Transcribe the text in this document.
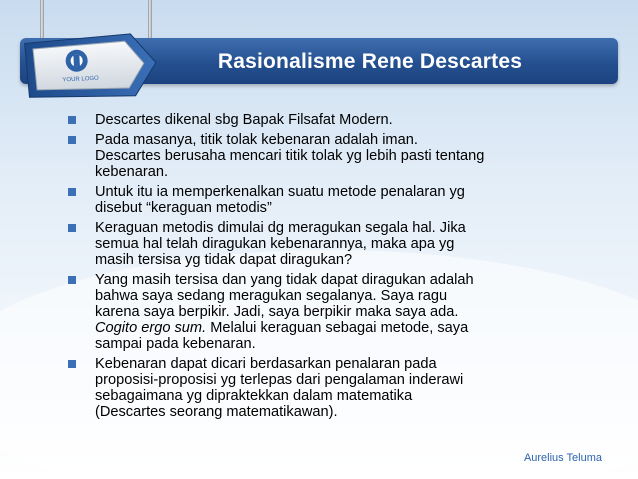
Rasionalisme Rene Descartes
YOUR LOGO
Descartes dikenal sbg Bapak Filsafat Modern.
Pada masanya, titik tolak kebenaran adalah iman.
Descartes berusaha mencari titik tolak yg lebih pasti tentang
kebenaran.
Untuk itu ia memperkenalkan suatu metode penalaran yg
disebut “keraguan metodis”
Keraguan metodis dimulai dg meragukan segala hal. Jika
semua hal telah diragukan kebenarannya, maka apa yg
masih tersisa yg tidak dapat diragukan?
Yang masih tersisa dan yang tidak dapat diragukan adalah
bahwa saya sedang meragukan segalanya. Saya ragu
karena saya berpikir. Jadi, saya berpikir maka saya ada.
Cogito ergo sum. Melalui keraguan sebagai metode, saya
sampai pada kebenaran.
Kebenaran dapat dicari berdasarkan penalaran pada
proposisi-proposisi yg terlepas dari pengalaman inderawi
sebagaimana yg dipraktekkan dalam matematika
(Descartes seorang matematikawan).
Aurelius Teluma
